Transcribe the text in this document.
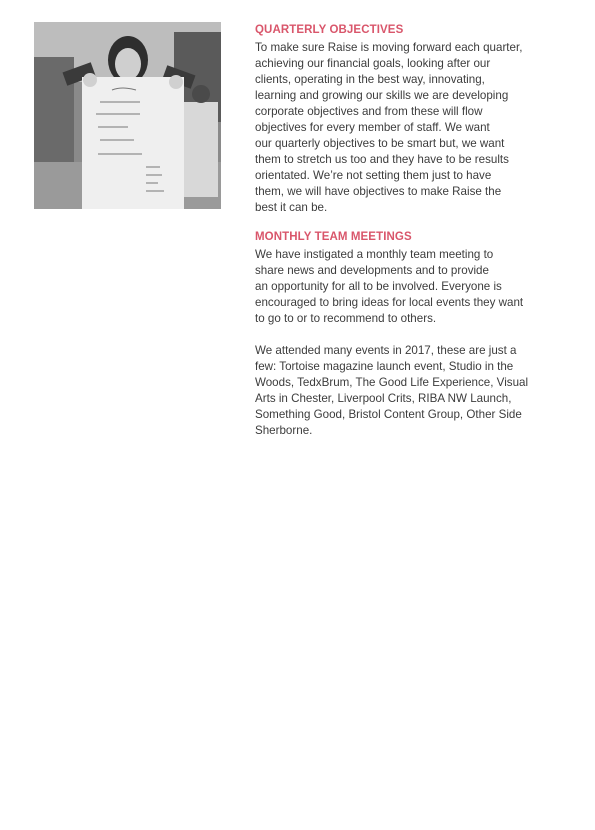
QUARTERLY OBJECTIVES

To make sure Raise is moving forward each quarter,
achieving our financial goals, looking after our
clients, operating in the best way, innovating,
learning and growing our skills we are developing
corporate objectives and from these will flow
objectives for every member of staff. We want
our quarterly objectives to be smart but, we want
them to stretch us too and they have to be results
orientated. We’re not setting them just to have
them, we will have objectives to make Raise the
best it can be.

MONTHLY TEAM MEETINGS

We have instigated a monthly team meeting to
share news and developments and to provide
an opportunity for all to be involved. Everyone is
encouraged to bring ideas for local events they want
to go to or to recommend to others.

We attended many events in 2017, these are just a
few: Tortoise magazine launch event, Studio in the
Woods, TedxBrum, The Good Life Experience, Visual
Arts in Chester, Liverpool Crits, RIBA NW Launch,
Something Good, Bristol Content Group, Other Side
Sherborne.
